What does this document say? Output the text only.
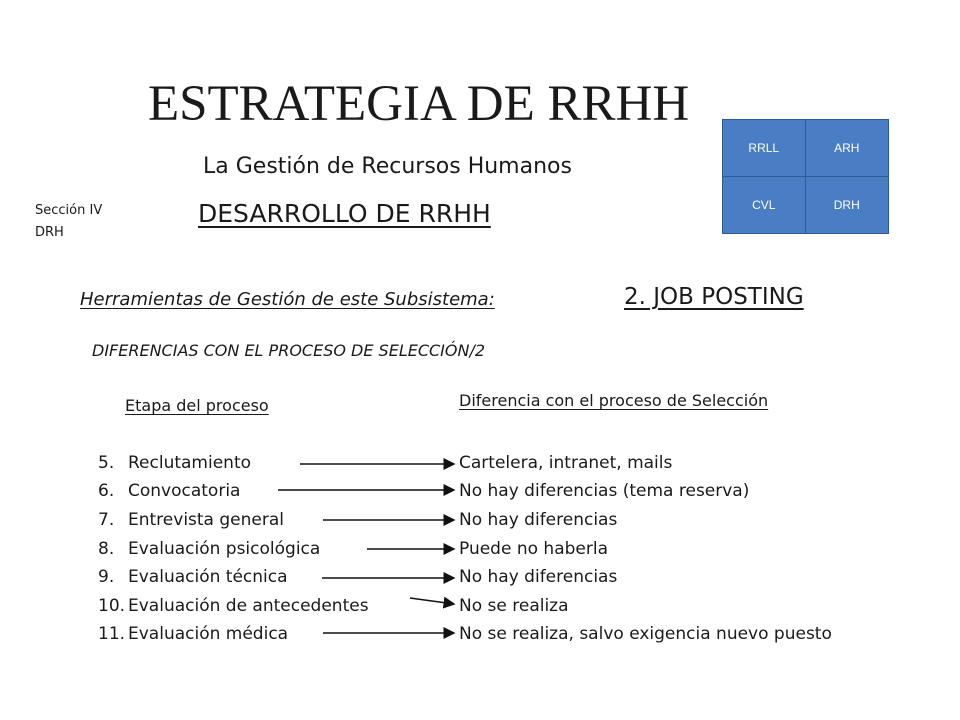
ESTRATEGIA DE RRHH
La Gestión de Recursos Humanos
Sección IV
DRH
DESARROLLO DE RRHH
RRLL	ARH
CVL	DRH
Herramientas de Gestión de este Subsistema:	2. JOB POSTING
DIFERENCIAS CON EL PROCESO DE SELECCIÓN/2
Etapa del proceso	Diferencia con el proceso de Selección
5. Reclutamiento	Cartelera, intranet, mails
6. Convocatoria	No hay diferencias (tema reserva)
7. Entrevista general	No hay diferencias
8. Evaluación psicológica	Puede no haberla
9. Evaluación técnica	No hay diferencias
10. Evaluación de antecedentes	No se realiza
11. Evaluación médica	No se realiza, salvo exigencia nuevo puesto
